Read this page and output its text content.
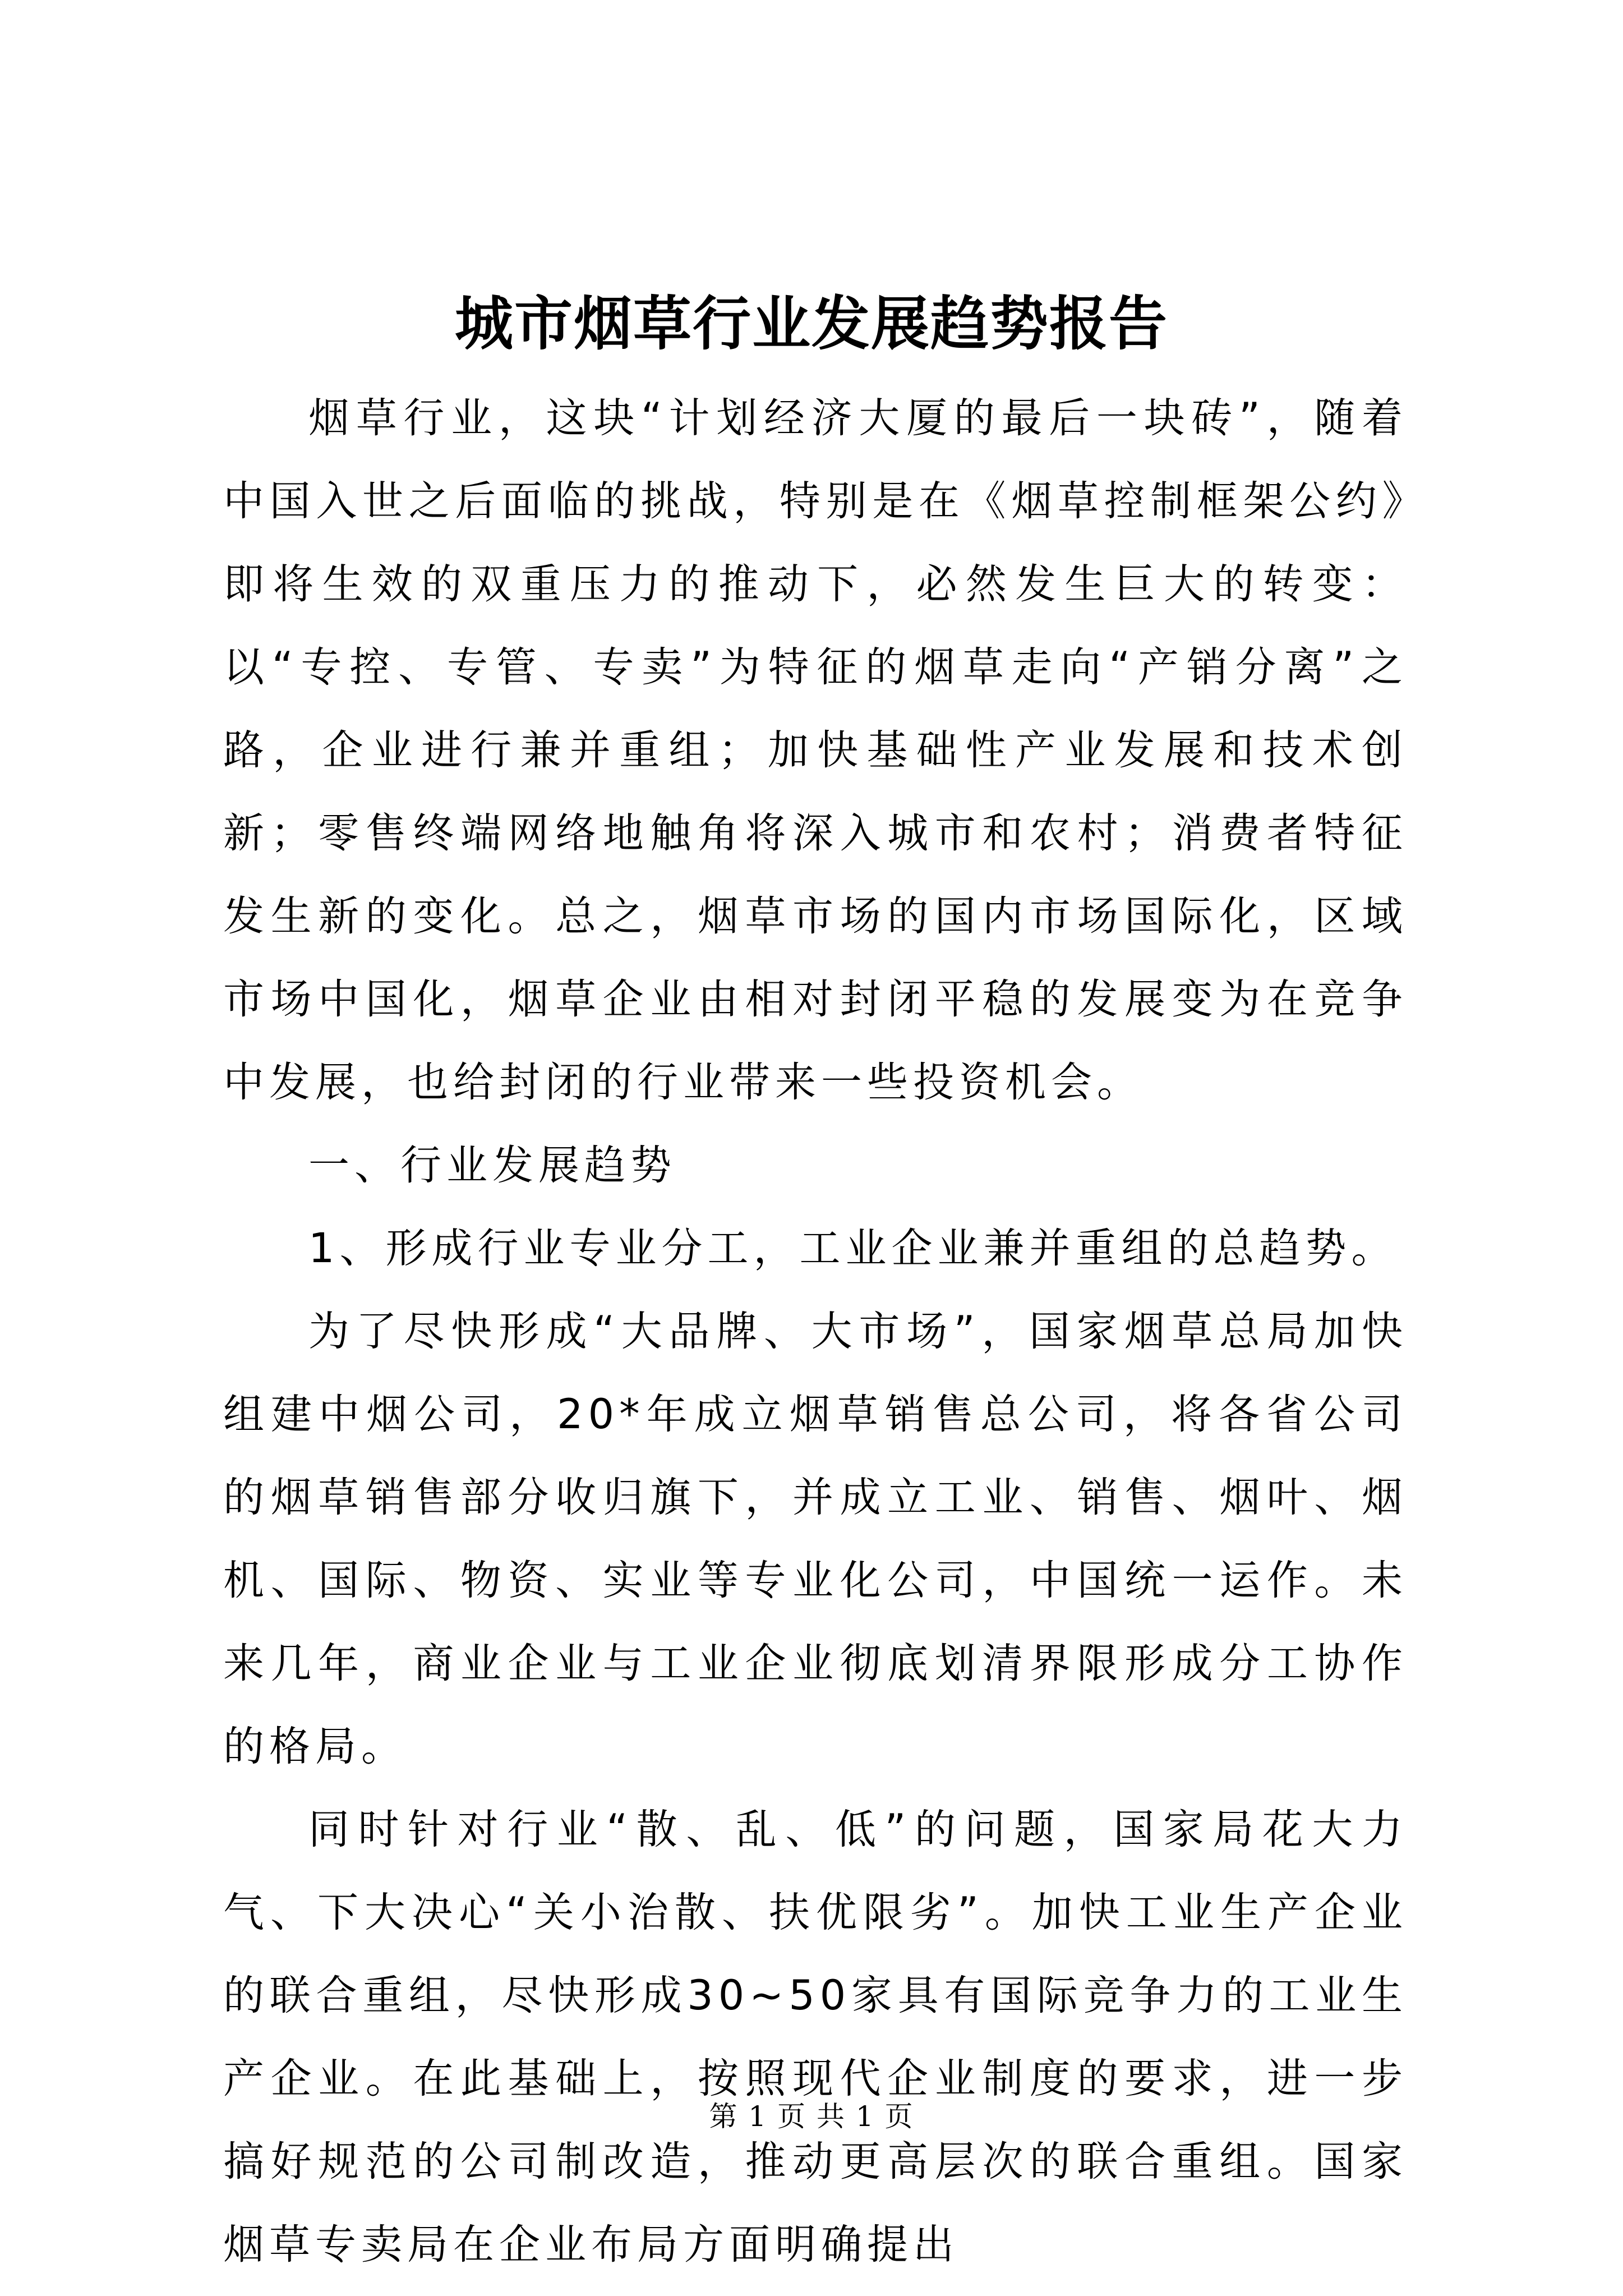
城市烟草行业发展趋势报告

烟草行业，这块“计划经济大厦的最后一块砖”，随着中国入世之后面临的挑战，特别是在《烟草控制框架公约》即将生效的双重压力的推动下，必然发生巨大的转变：以“专控、专管、专卖”为特征的烟草走向“产销分离”之路，企业进行兼并重组；加快基础性产业发展和技术创新；零售终端网络地触角将深入城市和农村；消费者特征发生新的变化。总之，烟草市场的国内市场国际化，区域市场中国化，烟草企业由相对封闭平稳的发展变为在竞争中发展，也给封闭的行业带来一些投资机会。

一、行业发展趋势

1、形成行业专业分工，工业企业兼并重组的总趋势。

为了尽快形成“大品牌、大市场”，国家烟草总局加快组建中烟公司，20*年成立烟草销售总公司，将各省公司的烟草销售部分收归旗下，并成立工业、销售、烟叶、烟机、国际、物资、实业等专业化公司，中国统一运作。未来几年，商业企业与工业企业彻底划清界限形成分工协作的格局。

同时针对行业“散、乱、低”的问题，国家局花大力气、下大决心“关小治散、扶优限劣”。加快工业生产企业的联合重组，尽快形成30~50家具有国际竞争力的工业生产企业。在此基础上，按照现代企业制度的要求，进一步搞好规范的公司制改造，推动更高层次的联合重组。国家烟草专卖局在企业布局方面明确提出

第 1 页 共 1 页
